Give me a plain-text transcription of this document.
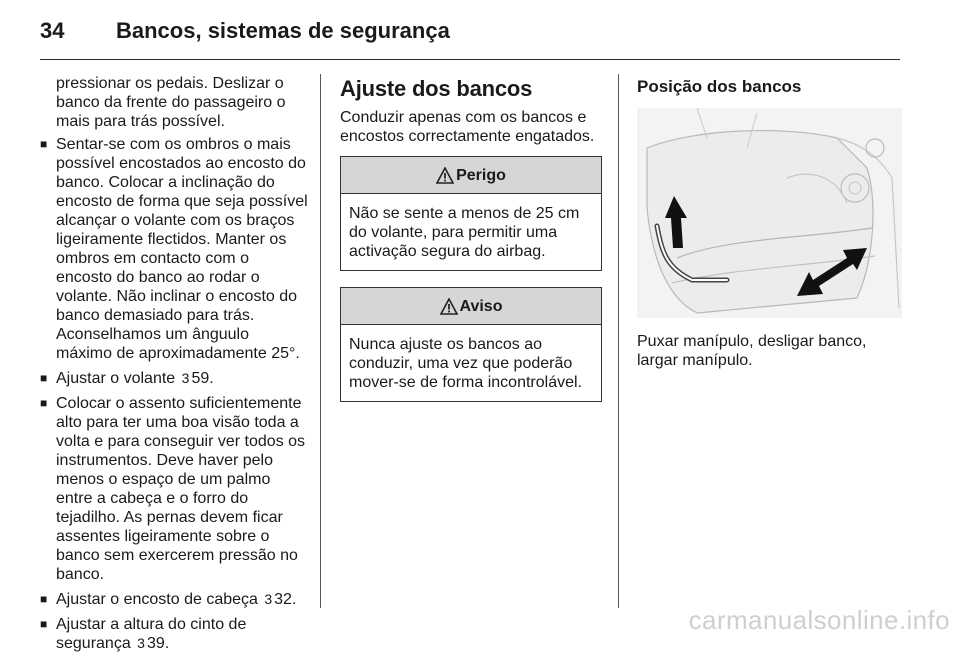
34 Bancos, sistemas de segurança

pressionar os pedais. Deslizar o banco da frente do passageiro o mais para trás possível.

■ Sentar-se com os ombros o mais possível encostados ao encosto do banco. Colocar a inclinação do encosto de forma que seja possível alcançar o volante com os braços ligeiramente flectidos. Manter os ombros em contacto com o encosto do banco ao rodar o volante. Não inclinar o encosto do banco demasiado para trás.
Aconselhamos um ânguulo máximo de aproximadamente 25°.
■ Ajustar o volante 3 59.
■ Colocar o assento suficientemente alto para ter uma boa visão toda a volta e para conseguir ver todos os instrumentos. Deve haver pelo menos o espaço de um palmo entre a cabeça e o forro do tejadilho. As pernas devem ficar assentes ligeiramente sobre o banco sem exercerem pressão no banco.
■ Ajustar o encosto de cabeça 3 32.
■ Ajustar a altura do cinto de segurança 3 39.
Ajuste dos bancos

Conduzir apenas com os bancos e encostos correctamente engatados.

Perigo
Não se sente a menos de 25 cm do volante, para permitir uma activação segura do airbag.
Aviso
Nunca ajuste os bancos ao conduzir, uma vez que poderão mover-se de forma incontrolável.
Posição dos bancos

Puxar manípulo, desligar banco, largar manípulo.

carmanualsonline.info
